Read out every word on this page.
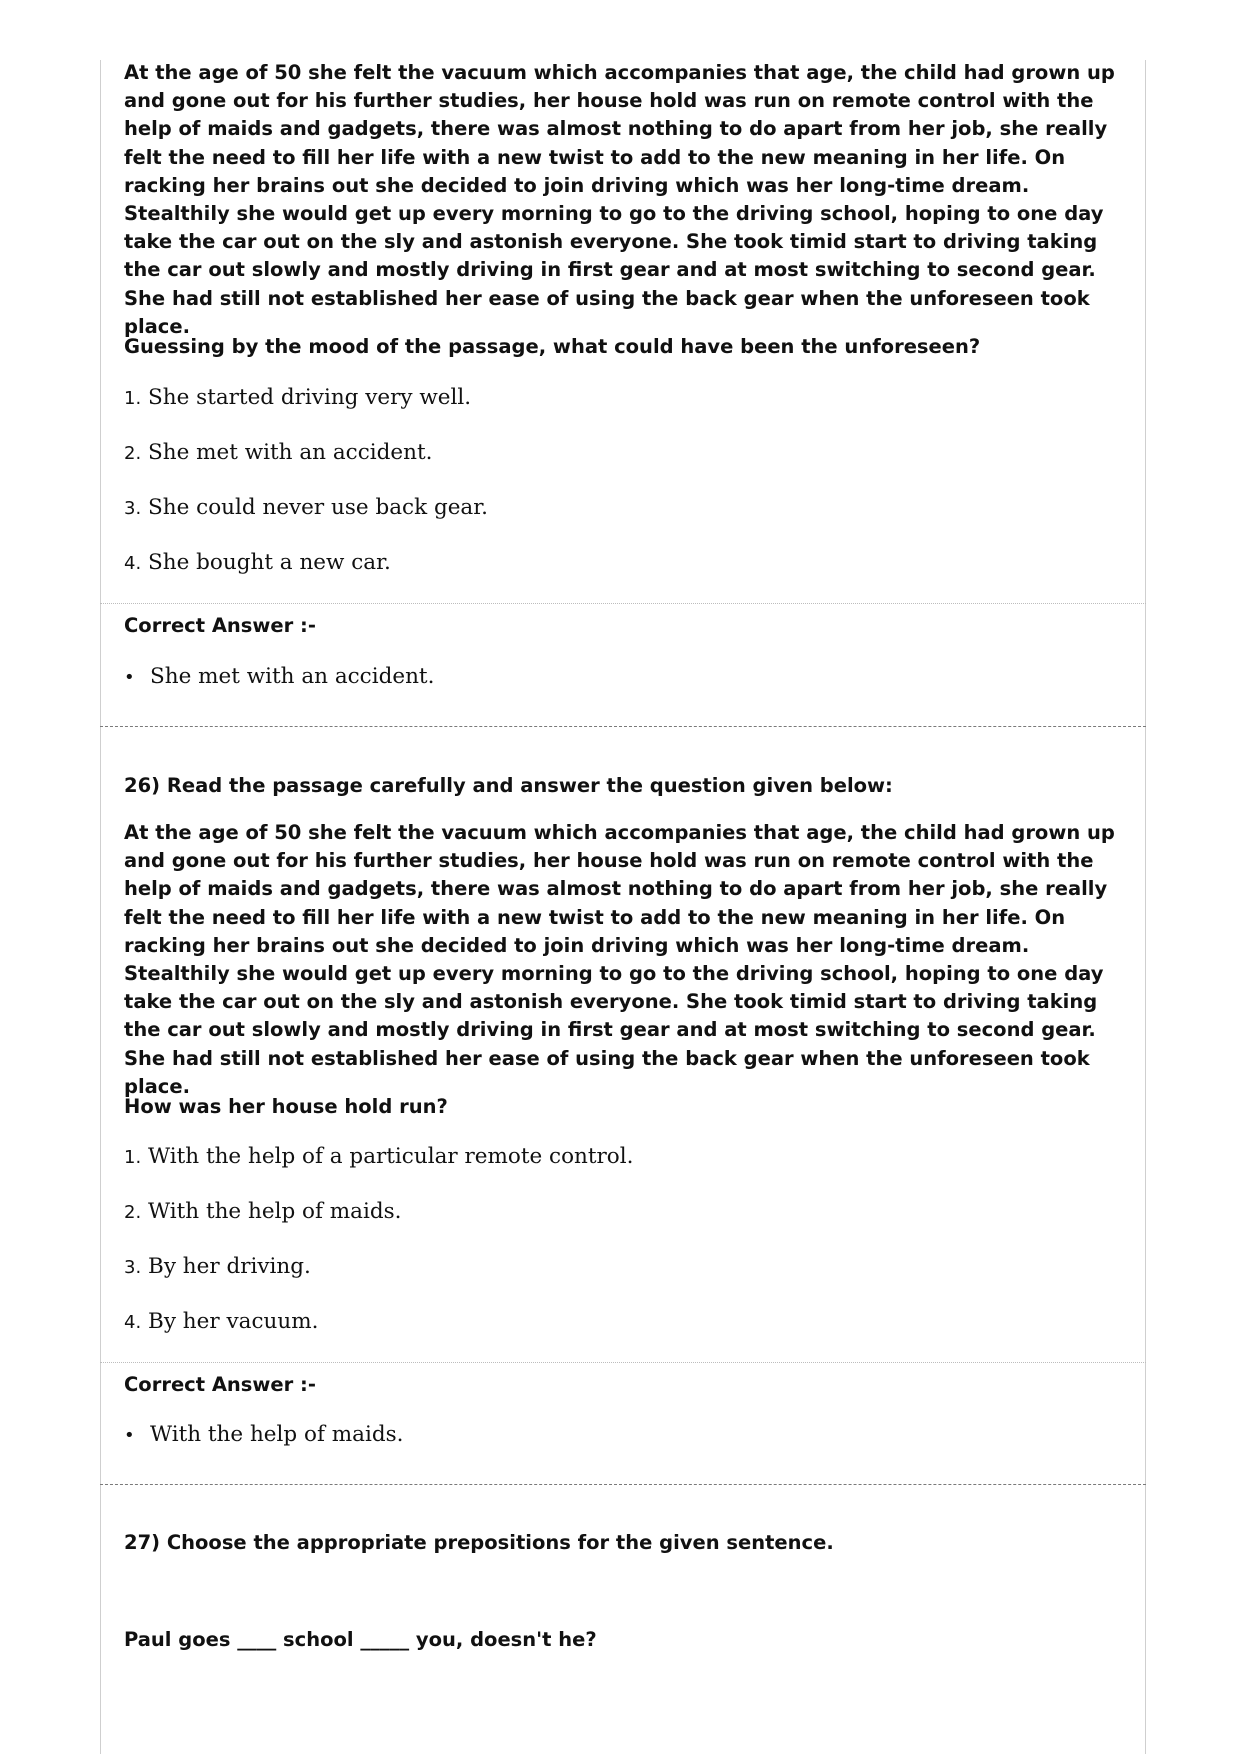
At the age of 50 she felt the vacuum which accompanies that age, the child had grown up and gone out for his further studies, her house hold was run on remote control with the help of maids and gadgets, there was almost nothing to do apart from her job, she really felt the need to fill her life with a new twist to add to the new meaning in her life. On racking her brains out she decided to join driving which was her long-time dream. Stealthily she would get up every morning to go to the driving school, hoping to one day take the car out on the sly and astonish everyone. She took timid start to driving taking the car out slowly and mostly driving in first gear and at most switching to second gear. She had still not established her ease of using the back gear when the unforeseen took place.

Guessing by the mood of the passage, what could have been the unforeseen?

1. She started driving very well.
2. She met with an accident.
3. She could never use back gear.
4. She bought a new car.

Correct Answer :-

• She met with an accident.

26) Read the passage carefully and answer the question given below:

At the age of 50 she felt the vacuum which accompanies that age, the child had grown up and gone out for his further studies, her house hold was run on remote control with the help of maids and gadgets, there was almost nothing to do apart from her job, she really felt the need to fill her life with a new twist to add to the new meaning in her life. On racking her brains out she decided to join driving which was her long-time dream. Stealthily she would get up every morning to go to the driving school, hoping to one day take the car out on the sly and astonish everyone. She took timid start to driving taking the car out slowly and mostly driving in first gear and at most switching to second gear. She had still not established her ease of using the back gear when the unforeseen took place.

How was her house hold run?

1. With the help of a particular remote control.
2. With the help of maids.
3. By her driving.
4. By her vacuum.

Correct Answer :-

• With the help of maids.

27) Choose the appropriate prepositions for the given sentence.

Paul goes ____ school _____ you, doesn't he?
